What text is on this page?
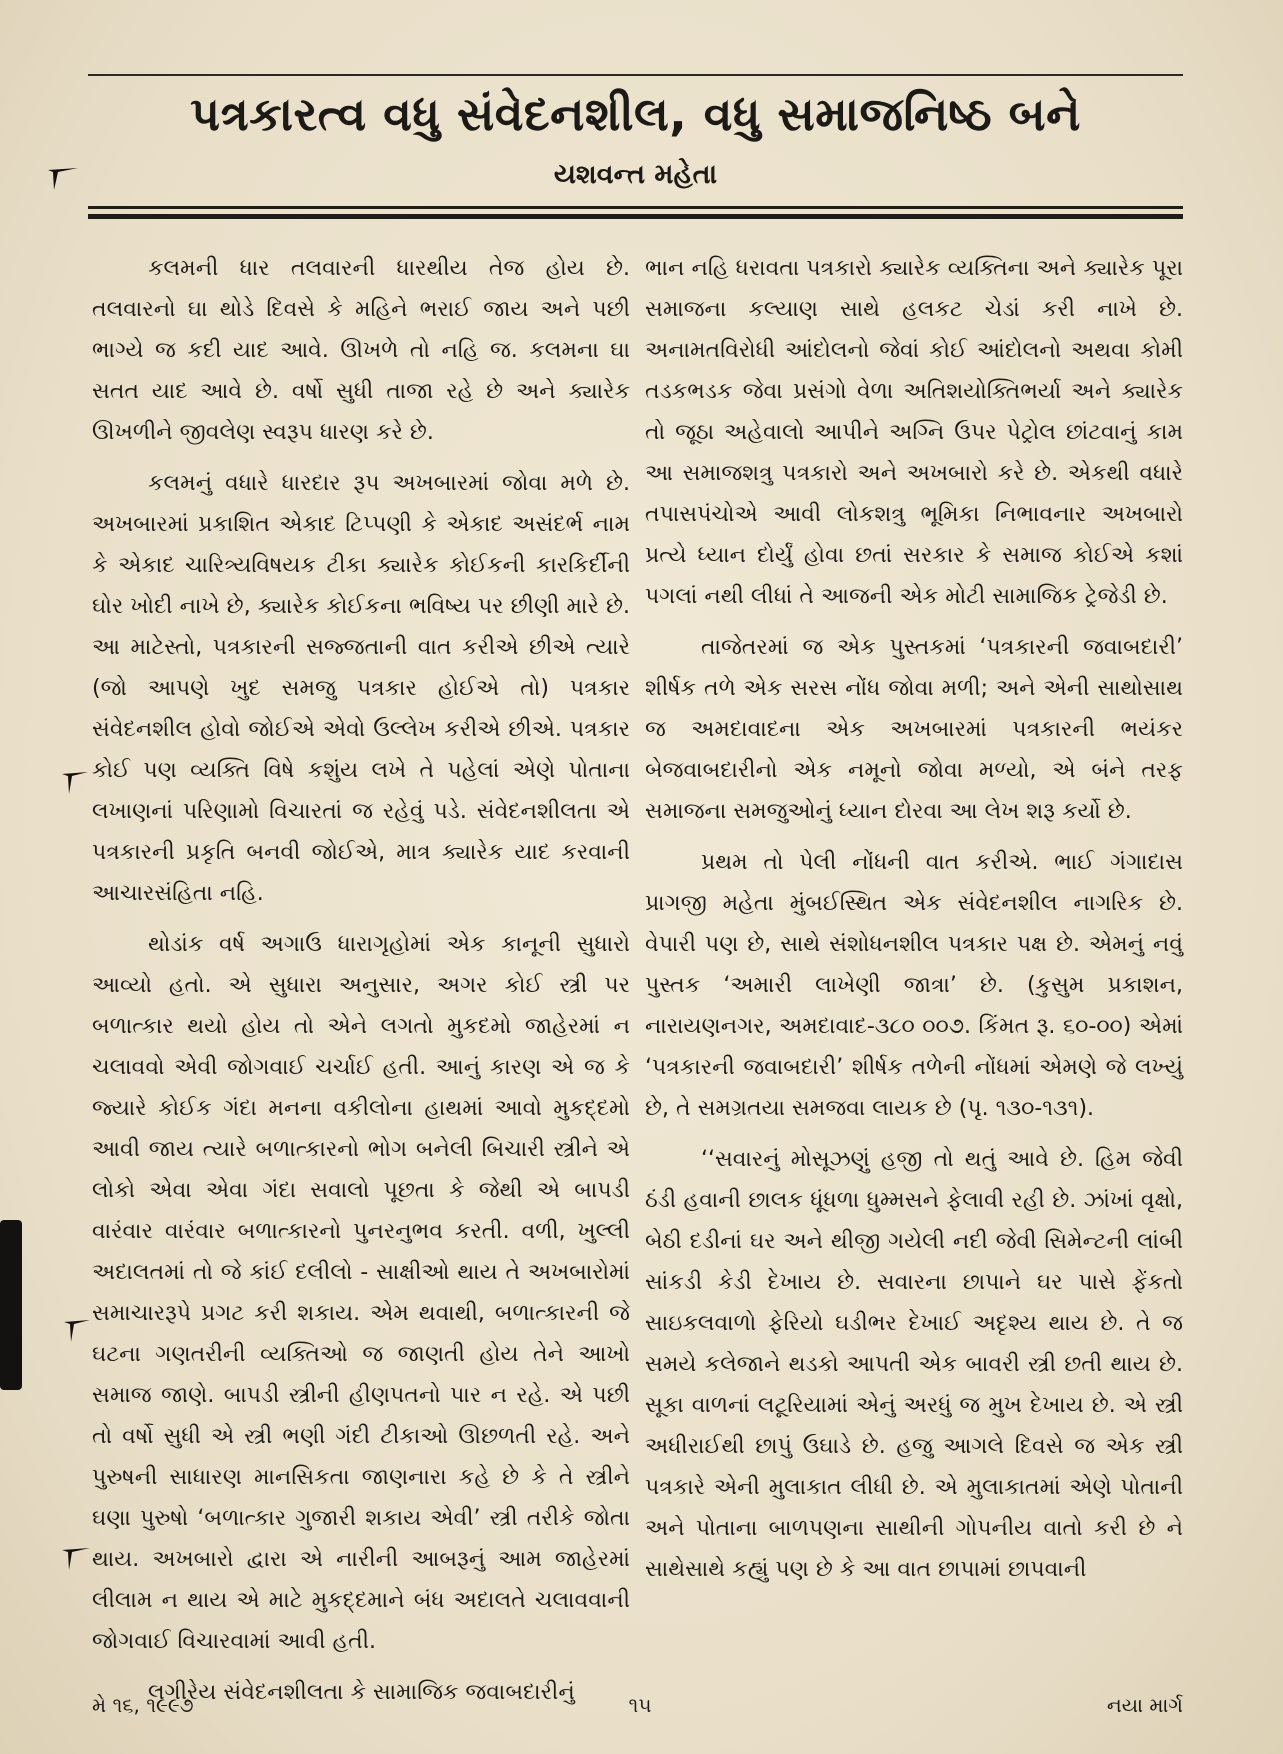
પત્રકારત્વ વધુ સંવેદનશીલ, વધુ સમાજનિષ્ઠ બને
યશવન્ત મહેતા

કલમની ધાર તલવારની ધારથીય તેજ હોય છે. તલવારનો ઘા થોડે દિવસે કે મહિને ભરાઈ જાય અને પછી ભાગ્યે જ કદી યાદ આવે. ઊખળે તો નહિ જ. કલમના ઘા સતત યાદ આવે છે. વર્ષો સુધી તાજા રહે છે અને ક્યારેક ઊખળીને જીવલેણ સ્વરૂપ ધારણ કરે છે.

કલમનું વધારે ધારદાર રૂપ અખબારમાં જોવા મળે છે. અખબારમાં પ્રકાશિત એકાદ ટિપ્પણી કે એકાદ અસંદર્ભ નામ કે એકાદ ચારિત્ર્યવિષયક ટીકા ક્યારેક કોઈકની કારકિર્દીની ઘોર ખોદી નાખે છે, ક્યારેક કોઈકના ભવિષ્ય પર છીણી મારે છે. આ માટેસ્તો, પત્રકારની સજ્જતાની વાત કરીએ છીએ ત્યારે (જો આપણે ખુદ સમજુ પત્રકાર હોઈએ તો) પત્રકાર સંવેદનશીલ હોવો જોઈએ એવો ઉલ્લેખ કરીએ છીએ. પત્રકાર કોઈ પણ વ્યક્તિ વિષે કશુંય લખે તે પહેલાં એણે પોતાના લખાણનાં પરિણામો વિચારતાં જ રહેવું પડે. સંવેદનશીલતા એ પત્રકારની પ્રકૃતિ બનવી જોઈએ, માત્ર ક્યારેક યાદ કરવાની આચારસંહિતા નહિ.

થોડાંક વર્ષ અગાઉ ધારાગૃહોમાં એક કાનૂની સુધારો આવ્યો હતો. એ સુધારા અનુસાર, અગર કોઈ સ્ત્રી પર બળાત્કાર થયો હોય તો એને લગતો મુકદમો જાહેરમાં ન ચલાવવો એવી જોગવાઈ ચર્ચાઈ હતી. આનું કારણ એ જ કે જ્યારે કોઈક ગંદા મનના વકીલોના હાથમાં આવો મુકદ્દમો આવી જાય ત્યારે બળાત્કારનો ભોગ બનેલી બિચારી સ્ત્રીને એ લોકો એવા એવા ગંદા સવાલો પૂછતા કે જેથી એ બાપડી વારંવાર વારંવાર બળાત્કારનો પુનરનુભવ કરતી. વળી, ખુલ્લી અદાલતમાં તો જે કાંઈ દલીલો - સાક્ષીઓ થાય તે અખબારોમાં સમાચારરૂપે પ્રગટ કરી શકાય. એમ થવાથી, બળાત્કારની જે ઘટના ગણતરીની વ્યક્તિઓ જ જાણતી હોય તેને આખો સમાજ જાણે. બાપડી સ્ત્રીની હીણપતનો પાર ન રહે. એ પછી તો વર્ષો સુધી એ સ્ત્રી ભણી ગંદી ટીકાઓ ઊછળતી રહે. અને પુરુષની સાધારણ માનસિકતા જાણનારા કહે છે કે તે સ્ત્રીને ઘણા પુરુષો ‘બળાત્કાર ગુજારી શકાય એવી’ સ્ત્રી તરીકે જોતા થાય. અખબારો દ્વારા એ નારીની આબરૂનું આમ જાહેરમાં લીલામ ન થાય એ માટે મુકદ્દમાને બંધ અદાલતે ચલાવવાની જોગવાઈ વિચારવામાં આવી હતી.

લગીરેય સંવેદનશીલતા કે સામાજિક જવાબદારીનું

ભાન નહિ ધરાવતા પત્રકારો ક્યારેક વ્યક્તિના અને ક્યારેક પૂરા સમાજના કલ્યાણ સાથે હલકટ ચેડાં કરી નાખે છે. અનામતવિરોધી આંદોલનો જેવાં કોઈ આંદોલનો અથવા કોમી તડકભડક જેવા પ્રસંગો વેળા અતિશયોક્તિભર્યા અને ક્યારેક તો જૂઠા અહેવાલો આપીને અગ્નિ ઉપર પેટ્રોલ છાંટવાનું કામ આ સમાજશત્રુ પત્રકારો અને અખબારો કરે છે. એકથી વધારે તપાસપંચોએ આવી લોકશત્રુ ભૂમિકા નિભાવનાર અખબારો પ્રત્યે ધ્યાન દોર્યું હોવા છતાં સરકાર કે સમાજ કોઈએ કશાં પગલાં નથી લીધાં તે આજની એક મોટી સામાજિક ટ્રેજેડી છે.

તાજેતરમાં જ એક પુસ્તકમાં ‘પત્રકારની જવાબદારી’ શીર્ષક તળે એક સરસ નોંધ જોવા મળી; અને એની સાથોસાથ જ અમદાવાદના એક અખબારમાં પત્રકારની ભયંકર બેજવાબદારીનો એક નમૂનો જોવા મળ્યો, એ બંને તરફ સમાજના સમજુઓનું ધ્યાન દોરવા આ લેખ શરૂ કર્યો છે.

પ્રથમ તો પેલી નોંધની વાત કરીએ. ભાઈ ગંગાદાસ પ્રાગજી મહેતા મુંબઈસ્થિત એક સંવેદનશીલ નાગરિક છે. વેપારી પણ છે, સાથે સંશોધનશીલ પત્રકાર પક્ષ છે. એમનું નવું પુસ્તક ‘અમારી લાખેણી જાત્રા’ છે. (કુસુમ પ્રકાશન, નારાયણનગર, અમદાવાદ-૩૮૦ ૦૦૭. કિંમત રૂ. ૬૦-૦૦) એમાં ‘પત્રકારની જવાબદારી’ શીર્ષક તળેની નોંધમાં એમણે જે લખ્યું છે, તે સમગ્રતયા સમજવા લાયક છે (પૃ. ૧૩૦-૧૩૧).

‘‘સવારનું મોસૂઝણું હજી તો થતું આવે છે. હિમ જેવી ઠંડી હવાની છાલક ધૂંધળા ધુમ્મસને ફેલાવી રહી છે. ઝાંખાં વૃક્ષો, બેઠી દડીનાં ઘર અને થીજી ગયેલી નદી જેવી સિમેન્ટની લાંબી સાંકડી કેડી દેખાય છે. સવારના છાપાને ઘર પાસે ફેંકતો સાઇકલવાળો ફેરિયો ઘડીભર દેખાઈ અદૃશ્ય થાય છે. તે જ સમયે કલેજાને થડકો આપતી એક બાવરી સ્ત્રી છતી થાય છે. સૂકા વાળનાં લટૂરિયામાં એનું અરધું જ મુખ દેખાય છે. એ સ્ત્રી અધીરાઈથી છાપું ઉઘાડે છે. હજુ આગલે દિવસે જ એક સ્ત્રી પત્રકારે એની મુલાકાત લીધી છે. એ મુલાકાતમાં એણે પોતાની અને પોતાના બાળપણના સાથીની ગોપનીય વાતો કરી છે ને સાથેસાથે કહ્યું પણ છે કે આ વાત છાપામાં છાપવાની

મે ૧૬, ૧૯૯૭	૧૫	નયા માર્ગ
